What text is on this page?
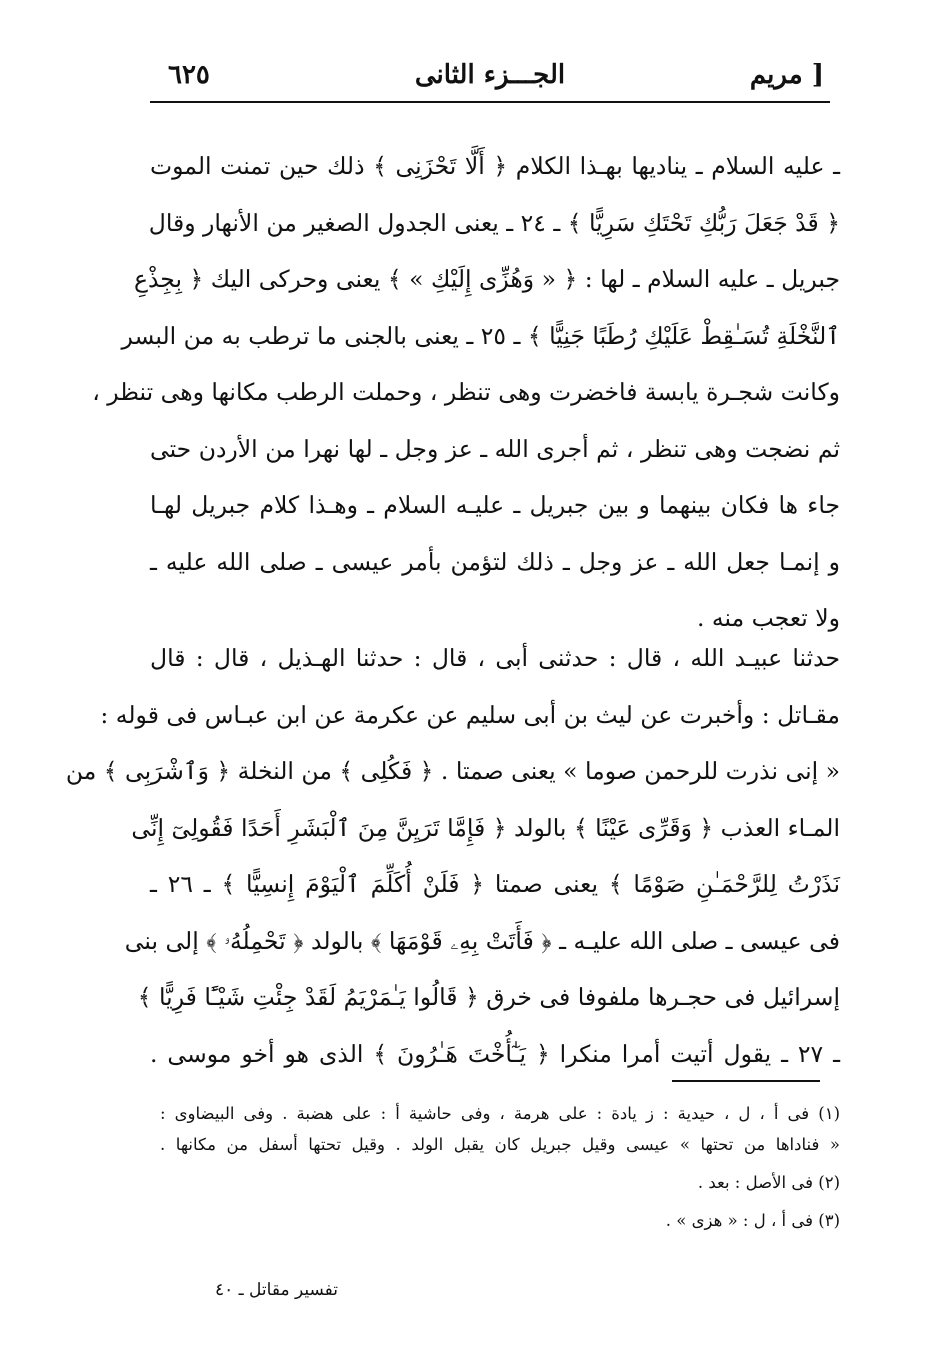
٦٢٥	الجـــزء الثانى	مريم ]
ـ عليه السلام ـ ينادیها بهـذا الكلام ﴿ أَلَّا تَحْزَنِى ﴾ ذلك حين تمنت الموت
﴿ قَدْ جَعَلَ رَبُّكِ تَحْتَكِ سَرِيًّا ﴾ ـ ٢٤ ـ يعنى الجدول الصغير من الأنهار وقال
جبريل ـ عليه السلام ـ لها : ﴿ « وَهُزِّى إِلَيْكِ » ﴾ يعنى وحركى اليك ﴿ بِجِذْعِ
ٱلنَّخْلَةِ تُسَـٰقِطْ عَلَيْكِ رُطَبًا جَنِيًّا ﴾ ـ ٢٥ ـ يعنى بالجنى ما ترطب به من البسر
وكانت شجـرة يابسة فاخضرت وهى تنظر ، وحملت الرطب مكانها وهى تنظر ،
ثم نضجت وهى تنظر ، ثم أجرى الله ـ عز وجل ـ لها نهرا من الأردن حتى
جاء ها فكان بينهما و بين جبريل ـ عليـه السلام ـ وهـذا كلام جبريل لهـا
و إنمـا جعل الله ـ عز وجل ـ ذلك لتؤمن بأمر عيسى ـ صلى الله عليه ـ
ولا تعجب منه .
حدثنا عبيـد الله ، قال : حدثنى أبى ، قال : حدثنا الهـذيل ، قال : قال
مقـاتل : وأخبرت عن ليث بن أبى سليم عن عكرمة عن ابن عبـاس فى قوله :
« إنى نذرت للرحمن صوما » يعنى صمتا . ﴿ فَكُلِى ﴾ من النخلة ﴿ وَٱشْرَبِى ﴾ من
المـاء العذب ﴿ وَقَرِّى عَيْنًا ﴾ بالولد ﴿ فَإِمَّا تَرَيِنَّ مِنَ ٱلْبَشَرِ أَحَدًا فَقُولِىٓ إِنِّى
نَذَرْتُ لِلرَّحْمَـٰنِ صَوْمًا ﴾ يعنى صمتا ﴿ فَلَنْ أُكَلِّمَ ٱلْيَوْمَ إِنسِيًّا ﴾ ـ ٢٦ ـ
فى عيسى ـ صلى الله عليـه ـ ﴿ فَأَتَتْ بِهِۦ قَوْمَهَا ﴾ بالولد ﴿ تَحْمِلُهُۥ ﴾ إلى بنى
إسرائيل فى حجـرها ملفوفا فى خرق ﴿ قَالُوا يَـٰمَرْيَمُ لَقَدْ جِئْتِ شَيْـًٔا فَرِيًّا ﴾
ـ ٢٧ ـ يقول أتيت أمرا منكرا ﴿ يَـٰٓأُخْتَ هَـٰرُونَ ﴾ الذى هو أخو موسى .
(١) فى أ ، ل ، حيدية : ز يادة : على هرمة ، وفى حاشية أ : على هضبة . وفى البيضاوى :
« فناداها من تحتها » عيسى وقيل جبريل كان يقبل الولد . وقيل تحتها أسفل من مكانها .
(٢) فى الأصل : بعد .
(٣) فى أ ، ل : « هزى » .
تفسير مقاتل ـ ٤٠
